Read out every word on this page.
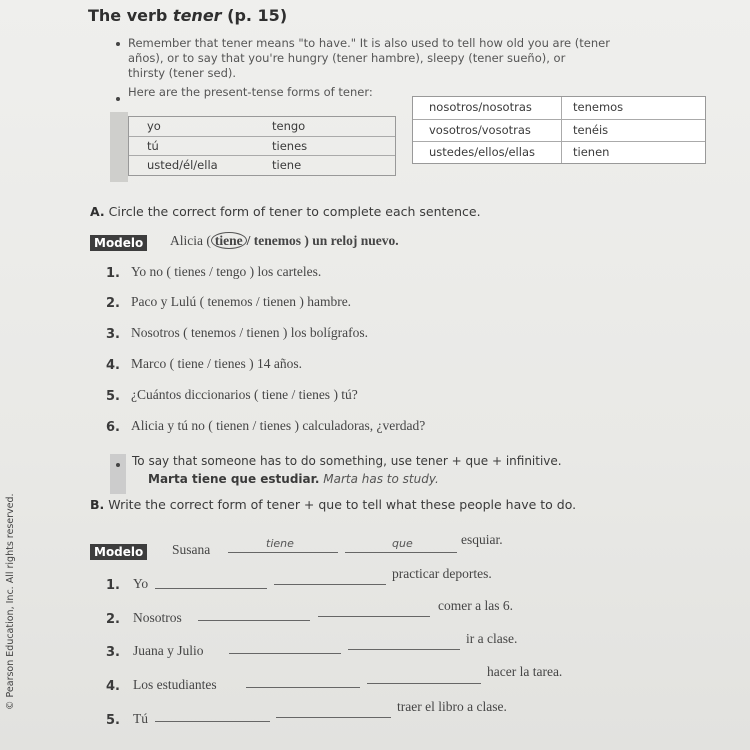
The verb tener (p. 15)
Remember that tener means "to have." It is also used to tell how old you are (tener
años), or to say that you're hungry (tener hambre), sleepy (tener sueño), or
thirsty (tener sed).
Here are the present-tense forms of tener:
yo	tengo
tú	tienes
usted/él/ella	tiene
nosotros/nosotras	tenemos
vosotros/vosotras	tenéis
ustedes/ellos/ellas	tienen
A. Circle the correct form of tener to complete each sentence.
Modelo Alicia ( tiene / tenemos ) un reloj nuevo.
1. Yo no ( tienes / tengo ) los carteles.
2. Paco y Lulú ( tenemos / tienen ) hambre.
3. Nosotros ( tenemos / tienen ) los bolígrafos.
4. Marco ( tiene / tienes ) 14 años.
5. ¿Cuántos diccionarios ( tiene / tienes ) tú?
6. Alicia y tú no ( tienen / tienes ) calculadoras, ¿verdad?
To say that someone has to do something, use tener + que + infinitive.
Marta tiene que estudiar. Marta has to study.
B. Write the correct form of tener + que to tell what these people have to do.
Modelo Susana	tiene	que	esquiar.
1. Yo
practicar deportes.
2. Nosotros
comer a las 6.
3. Juana y Julio
ir a clase.
4. Los estudiantes
hacer la tarea.
5. Tú
traer el libro a clase.
© Pearson Education, Inc. All rights reserved.
